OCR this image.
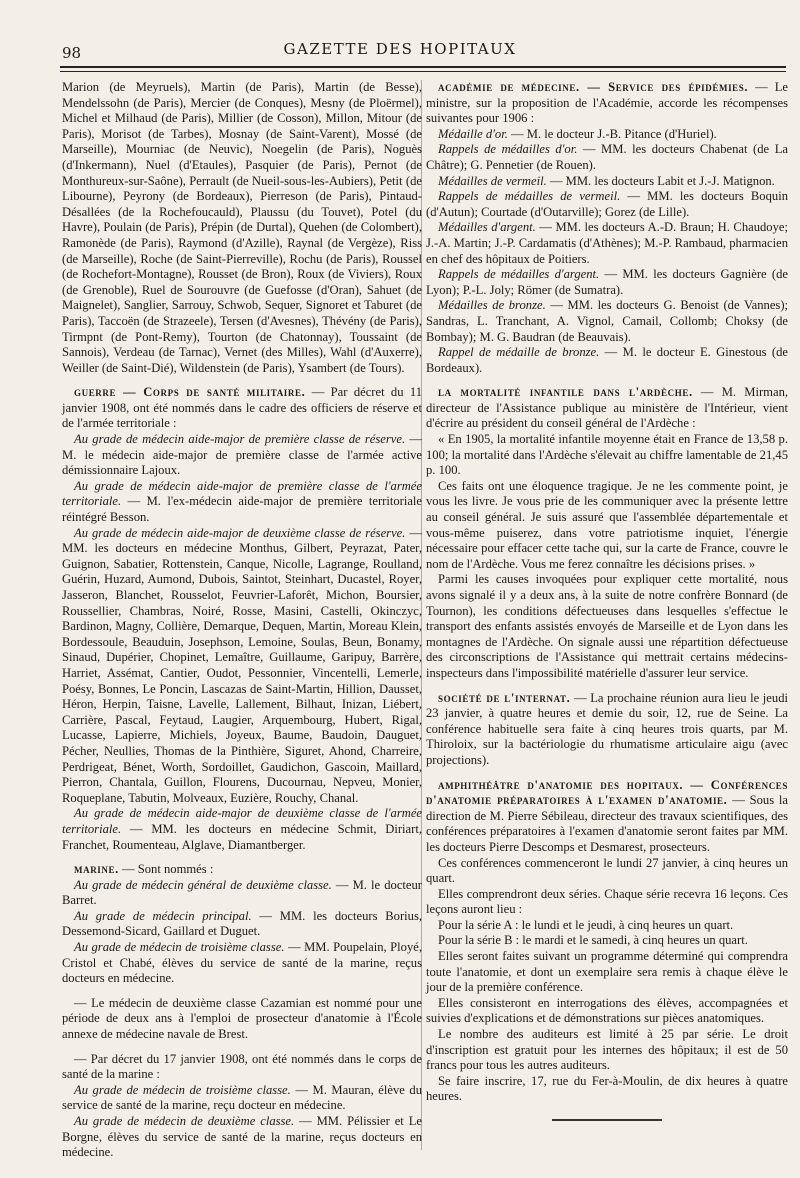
98	GAZETTE DES HOPITAUX

Marion (de Meyruels), Martin (de Paris), Martin (de Besse), Mendelssohn (de Paris), Mercier (de Conques), Mesny (de Ploërmel), Michel et Milhaud (de Paris), Millier (de Cosson), Millon, Mitour (de Paris), Morisot (de Tarbes), Mosnay (de Saint-Varent), Mossé (de Marseille), Mourniac (de Neuvic), Noegelin (de Paris), Noguès (d'Inkermann), Nuel (d'Etaules), Pasquier (de Paris), Pernot (de Monthureux-sur-Saône), Perrault (de Nueil-sous-les-Aubiers), Petit (de Libourne), Peyrony (de Bordeaux), Pierreson (de Paris), Pintaud-Désallées (de la Rochefoucauld), Plaussu (du Touvet), Potel (du Havre), Poulain (de Paris), Prépin (de Durtal), Quehen (de Colombert), Ramonède (de Paris), Raymond (d'Azille), Raynal (de Vergèze), Riss (de Marseille), Roche (de Saint-Pierreville), Rochu (de Paris), Roussel (de Rochefort-Montagne), Rousset (de Bron), Roux (de Viviers), Roux (de Grenoble), Ruel de Sourouvre (de Guefosse (d'Oran), Sahuet (de Maignelet), Sanglier, Sarrouy, Schwob, Sequer, Signoret et Taburet (de Paris), Taccoën (de Strazeele), Tersen (d'Avesnes), Thévény (de Paris), Tirmpnt (de Pont-Remy), Tourton (de Chatonnay), Toussaint (de Sannois), Verdeau (de Tarnac), Vernet (des Milles), Wahl (d'Auxerre), Weiller (de Saint-Dié), Wildenstein (de Paris), Ysambert (de Tours).

guerre — Corps de santé militaire. — Par décret du 11 janvier 1908, ont été nommés dans le cadre des officiers de réserve et de l'armée territoriale :

Au grade de médecin aide-major de première classe de réserve. — M. le médecin aide-major de première classe de l'armée active démissionnaire Lajoux.

Au grade de médecin aide-major de première classe de l'armée territoriale. — M. l'ex-médecin aide-major de première territoriale réintégré Besson.

Au grade de médecin aide-major de deuxième classe de réserve. — MM. les docteurs en médecine Monthus, Gilbert, Peyrazat, Pater, Guignon, Sabatier, Rottenstein, Canque, Nicolle, Lagrange, Roulland, Guérin, Huzard, Aumond, Dubois, Saintot, Steinhart, Ducastel, Royer, Jasseron, Blanchet, Rousselot, Feuvrier-Laforêt, Michon, Boursier, Roussellier, Chambras, Noiré, Rosse, Masini, Castelli, Okinczyc, Bardinon, Magny, Collière, Demarque, Dequen, Martin, Moreau Klein, Bordessoule, Beauduin, Josephson, Lemoine, Soulas, Beun, Bonamy, Sinaud, Dupérier, Chopinet, Lemaître, Guillaume, Garipuy, Barrère, Harriet, Assémat, Cantier, Oudot, Pessonnier, Vincentelli, Lemerle, Poésy, Bonnes, Le Poncin, Lascazas de Saint-Martin, Hillion, Dausset, Héron, Herpin, Taisne, Lavelle, Lallement, Bilhaut, Inizan, Liébert, Carrière, Pascal, Feytaud, Laugier, Arquembourg, Hubert, Rigal, Lucasse, Lapierre, Michiels, Joyeux, Baume, Baudoin, Dauguet, Pécher, Neullies, Thomas de la Pinthière, Siguret, Ahond, Charreire, Perdrigeat, Bénet, Worth, Sordoillet, Gaudichon, Gascoin, Maillard, Pierron, Chantala, Guillon, Flourens, Ducournau, Nepveu, Monier, Roqueplane, Tabutin, Molveaux, Euzière, Rouchy, Chanal.

Au grade de médecin aide-major de deuxième classe de l'armée territoriale. — MM. les docteurs en médecine Schmit, Diriart, Franchet, Roumenteau, Alglave, Diamantberger.

marine. — Sont nommés :

Au grade de médecin général de deuxième classe. — M. le docteur Barret.

Au grade de médecin principal. — MM. les docteurs Borius, Dessemond-Sicard, Gaillard et Duguet.

Au grade de médecin de troisième classe. — MM. Poupelain, Ployé, Cristol et Chabé, élèves du service de santé de la marine, reçus docteurs en médecine.

— Le médecin de deuxième classe Cazamian est nommé pour une période de deux ans à l'emploi de prosecteur d'anatomie à l'École annexe de médecine navale de Brest.

— Par décret du 17 janvier 1908, ont été nommés dans le corps de santé de la marine :

Au grade de médecin de troisième classe. — M. Mauran, élève du service de santé de la marine, reçu docteur en médecine.

Au grade de médecin de deuxième classe. — MM. Pélissier et Le Borgne, élèves du service de santé de la marine, reçus docteurs en médecine.

académie de médecine. — Service des épidémies. — Le ministre, sur la proposition de l'Académie, accorde les récompenses suivantes pour 1906 :

Médaille d'or. — M. le docteur J.-B. Pitance (d'Huriel).

Rappels de médailles d'or. — MM. les docteurs Chabenat (de La Châtre); G. Pennetier (de Rouen).

Médailles de vermeil. — MM. les docteurs Labit et J.-J. Matignon.

Rappels de médailles de vermeil. — MM. les docteurs Boquin (d'Autun); Courtade (d'Outarville); Gorez (de Lille).

Médailles d'argent. — MM. les docteurs A.-D. Braun; H. Chaudoye; J.-A. Martin; J.-P. Cardamatis (d'Athènes); M.-P. Rambaud, pharmacien en chef des hôpitaux de Poitiers.

Rappels de médailles d'argent. — MM. les docteurs Gagnière (de Lyon); P.-L. Joly; Römer (de Sumatra).

Médailles de bronze. — MM. les docteurs G. Benoist (de Vannes); Sandras, L. Tranchant, A. Vignol, Camail, Collomb; Choksy (de Bombay); M. G. Baudran (de Beauvais).

Rappel de médaille de bronze. — M. le docteur E. Ginestous (de Bordeaux).

la mortalité infantile dans l'ardèche. — M. Mirman, directeur de l'Assistance publique au ministère de l'Intérieur, vient d'écrire au président du conseil général de l'Ardèche :

« En 1905, la mortalité infantile moyenne était en France de 13,58 p. 100; la mortalité dans l'Ardèche s'élevait au chiffre lamentable de 21,45 p. 100.

Ces faits ont une éloquence tragique. Je ne les commente point, je vous les livre. Je vous prie de les communiquer avec la présente lettre au conseil général. Je suis assuré que l'assemblée départementale et vous-même puiserez, dans votre patriotisme inquiet, l'énergie nécessaire pour effacer cette tache qui, sur la carte de France, couvre le nom de l'Ardèche. Vous me ferez connaître les décisions prises. »

Parmi les causes invoquées pour expliquer cette mortalité, nous avons signalé il y a deux ans, à la suite de notre confrère Bonnard (de Tournon), les conditions défectueuses dans lesquelles s'effectue le transport des enfants assistés envoyés de Marseille et de Lyon dans les montagnes de l'Ardèche. On signale aussi une répartition défectueuse des circonscriptions de l'Assistance qui mettrait certains médecins-inspecteurs dans l'impossibilité matérielle d'assurer leur service.

société de l'internat. — La prochaine réunion aura lieu le jeudi 23 janvier, à quatre heures et demie du soir, 12, rue de Seine. La conférence habituelle sera faite à cinq heures trois quarts, par M. Thiroloix, sur la bactériologie du rhumatisme articulaire aigu (avec projections).

amphithéâtre d'anatomie des hopitaux. — Conférences d'anatomie préparatoires à l'examen d'anatomie. — Sous la direction de M. Pierre Sébileau, directeur des travaux scientifiques, des conférences préparatoires à l'examen d'anatomie seront faites par MM. les docteurs Pierre Descomps et Desmarest, prosecteurs.

Ces conférences commenceront le lundi 27 janvier, à cinq heures un quart.

Elles comprendront deux séries. Chaque série recevra 16 leçons. Ces leçons auront lieu :

Pour la série A : le lundi et le jeudi, à cinq heures un quart.

Pour la série B : le mardi et le samedi, à cinq heures un quart.

Elles seront faites suivant un programme déterminé qui comprendra toute l'anatomie, et dont un exemplaire sera remis à chaque élève le jour de la première conférence.

Elles consisteront en interrogations des élèves, accompagnées et suivies d'explications et de démonstrations sur pièces anatomiques.

Le nombre des auditeurs est limité à 25 par série. Le droit d'inscription est gratuit pour les internes des hôpitaux; il est de 50 francs pour tous les autres auditeurs.

Se faire inscrire, 17, rue du Fer-à-Moulin, de dix heures à quatre heures.
